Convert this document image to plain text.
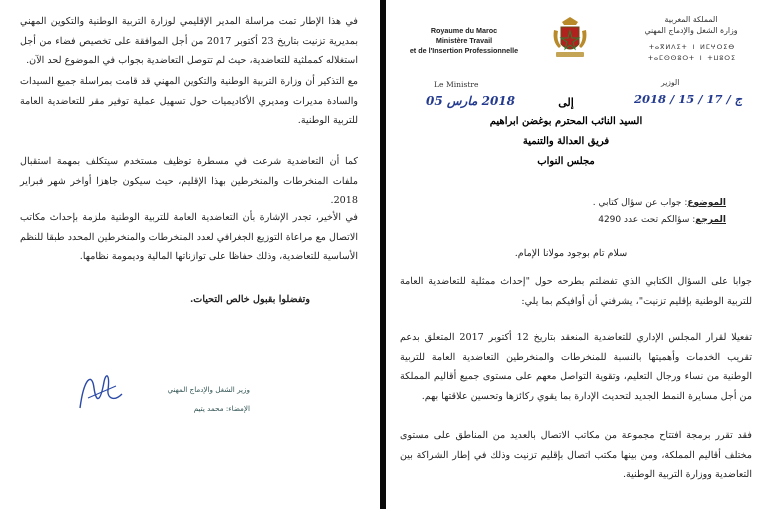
في هذا الإطار تمت مراسلة المدير الإقليمي لوزارة التربية الوطنية والتكوين المهني بمديرية تزنيت بتاريخ 23 أكتوبر 2017 من أجل الموافقة على تخصيص فضاء من أجل استغلاله كمملثية للتعاضدية، حيث لم تتوصل التعاضدية بجواب في الموضوع لحد الآن.
مع التذكير أن وزارة التربية الوطنية والتكوين المهني قد قامت بمراسلة جميع السيدات والسادة مديرات ومديري الأكاديميات حول تسهيل عملية توفير مقر للتعاضدية العامة للتربية الوطنية.
كما أن التعاضدية شرعت في مسطرة توظيف مستخدم سيتكلف بمهمة استقبال ملفات المنخرطات والمنخرطين بهذا الإقليم، حيث سيكون جاهزا أواخر شهر فبراير 2018.
في الأخير، تجدر الإشارة بأن التعاضدية العامة للتربية الوطنية ملزمة بإحداث مكاتب الاتصال مع مراعاة التوزيع الجغرافي لعدد المنخرطات والمنخرطين المحدد طبقا للنظم الأساسية للتعاضدية، وذلك حفاظا على توازناتها المالية وديمومة نظامها.
وتفضلوا بقبول خالص التحيات.
وزير الشغل والإدماج المهني
الإمضاء: محمد يتيم
Royaume du Maroc
Ministère Travail
et de l'Insertion Professionnelle
المملكة المغربية
وزارة الشغل والإدماج المهني
ⵜⴰⴳⵍⴷⵉⵜ ⵏ ⵍⵎⵖⵔⵉⴱ
ⵜⴰⵎⵙⵙⵓⵔⵜ ⵏ ⵜⵡⵓⵔⵉ
Le Ministre	الوزير
2018 مارس 05	2018 / 15 / ج / 17
إلى
السيد النائب المحترم بوغضن ابراهيم
فريق العدالة والتنمية
مجلس النواب
الموضوع: جواب عن سؤال كتابي .
المرجع: سؤالكم تحت عدد 4290
سلام تام بوجود مولانا الإمام.
جوابا على السؤال الكتابي الذي تفضلتم بطرحه حول "إحداث ممثلية للتعاضدية العامة للتربية الوطنية بإقليم تزنيت"، يشرفني أن أوافيكم بما يلي:
تفعيلا لقرار المجلس الإداري للتعاضدية المنعقد بتاريخ 12 أكتوبر 2017 المتعلق بدعم تقريب الخدمات وأهميتها بالنسبة للمنخرطات والمنخرطين التعاضدية العامة للتربية الوطنية من نساء ورجال التعليم، وتقوية التواصل معهم على مستوى جميع أقاليم المملكة من أجل مسايرة النمط الجديد لتحديث الإدارة بما يقوي ركائزها وتحسين علاقتها بهم.
فقد تقرر برمجة افتتاح مجموعة من مكاتب الاتصال بالعديد من المناطق على مستوى مختلف أقاليم المملكة، ومن بينها مكتب اتصال بإقليم تزنيت وذلك في إطار الشراكة بين التعاضدية ووزارة التربية الوطنية.
